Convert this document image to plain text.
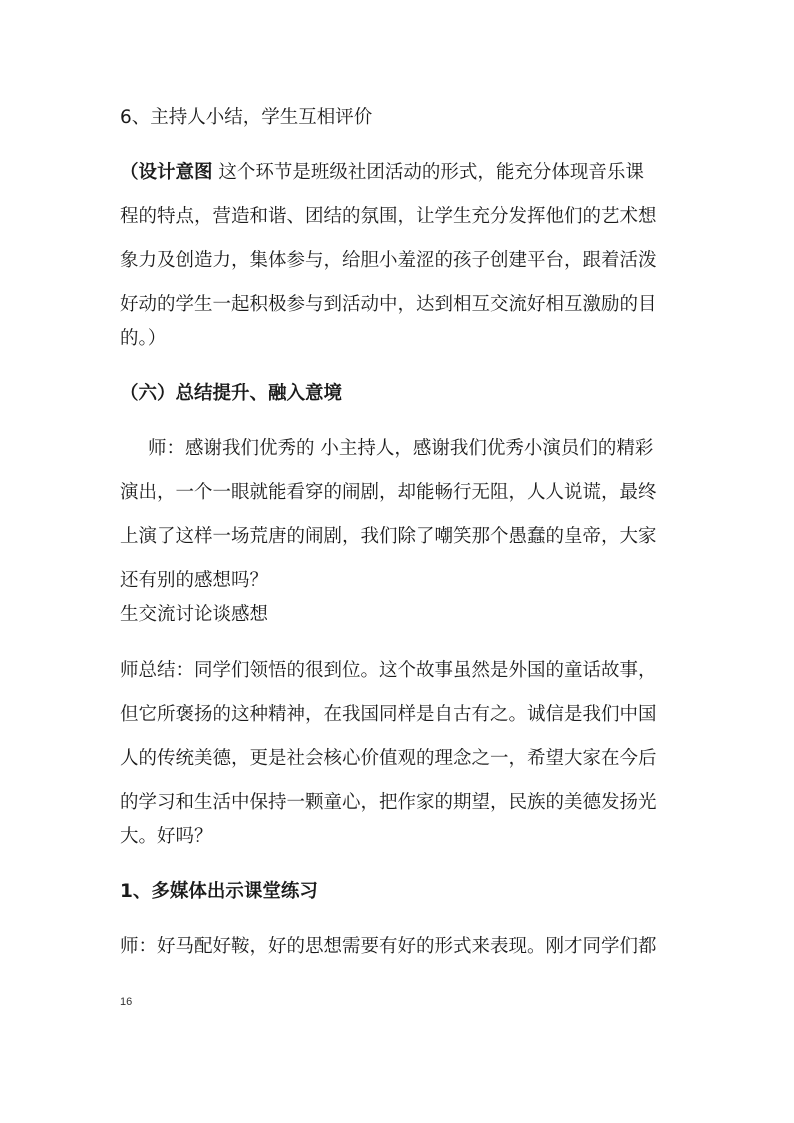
6、主持人小结，学生互相评价

（设计意图 这个环节是班级社团活动的形式，能充分体现音乐课

程的特点，营造和谐、团结的氛围，让学生充分发挥他们的艺术想

象力及创造力，集体参与，给胆小羞涩的孩子创建平台，跟着活泼

好动的学生一起积极参与到活动中，达到相互交流好相互激励的目

的。）

（六）总结提升、融入意境

师：感谢我们优秀的 小主持人，感谢我们优秀小演员们的精彩

演出，一个一眼就能看穿的闹剧，却能畅行无阻，人人说谎，最终

上演了这样一场荒唐的闹剧，我们除了嘲笑那个愚蠢的皇帝，大家

还有别的感想吗？

生交流讨论谈感想

师总结：同学们领悟的很到位。这个故事虽然是外国的童话故事，

但它所褒扬的这种精神，在我国同样是自古有之。诚信是我们中国

人的传统美德，更是社会核心价值观的理念之一，希望大家在今后

的学习和生活中保持一颗童心，把作家的期望，民族的美德发扬光

大。好吗？

1、多媒体出示课堂练习

师：好马配好鞍，好的思想需要有好的形式来表现。刚才同学们都

16
